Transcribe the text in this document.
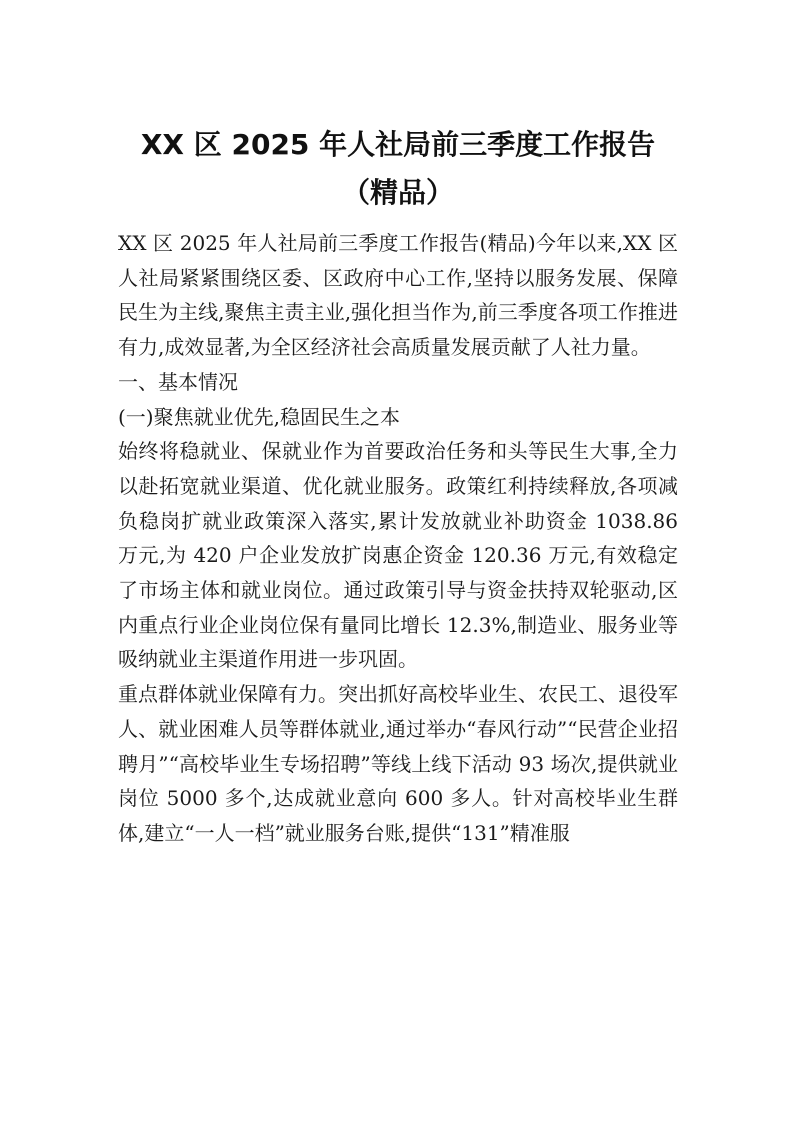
XX 区 2025 年人社局前三季度工作报告（精品）

XX 区 2025 年人社局前三季度工作报告(精品)今年以来,XX 区人社局紧紧围绕区委、区政府中心工作,坚持以服务发展、保障民生为主线,聚焦主责主业,强化担当作为,前三季度各项工作推进有力,成效显著,为全区经济社会高质量发展贡献了人社力量。

一、基本情况

(一)聚焦就业优先,稳固民生之本

始终将稳就业、保就业作为首要政治任务和头等民生大事,全力以赴拓宽就业渠道、优化就业服务。政策红利持续释放,各项减负稳岗扩就业政策深入落实,累计发放就业补助资金 1038.86 万元,为 420 户企业发放扩岗惠企资金 120.36 万元,有效稳定了市场主体和就业岗位。通过政策引导与资金扶持双轮驱动,区内重点行业企业岗位保有量同比增长 12.3%,制造业、服务业等吸纳就业主渠道作用进一步巩固。

重点群体就业保障有力。突出抓好高校毕业生、农民工、退役军人、就业困难人员等群体就业,通过举办“春风行动”“民营企业招聘月”“高校毕业生专场招聘”等线上线下活动 93 场次,提供就业岗位 5000 多个,达成就业意向 600 多人。针对高校毕业生群体,建立“一人一档”就业服务台账,提供“131”精准服
